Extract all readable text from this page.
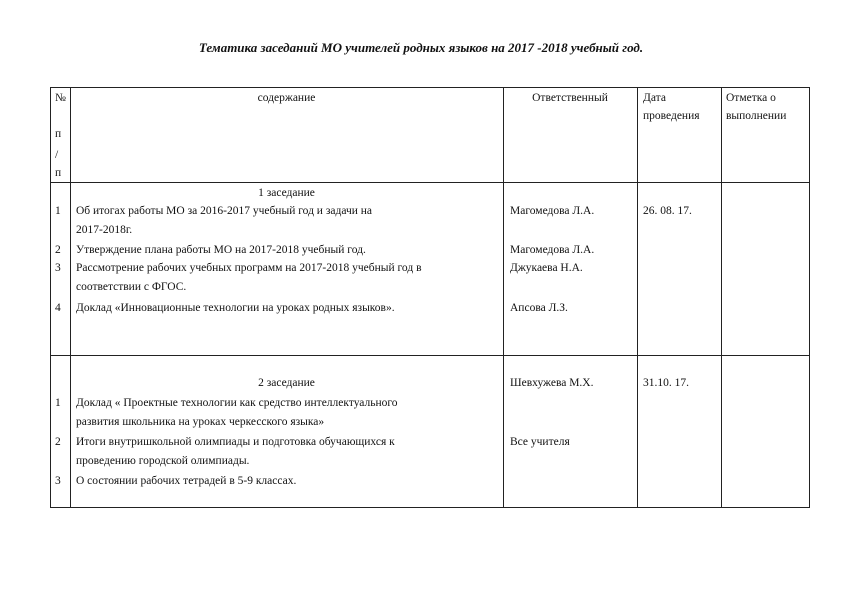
Тематика заседаний МО учителей родных языков на 2017 -2018 учебный год.
№
п
/
п
содержание	Ответственный	Дата
проведения
Отметка о
выполнении
1 заседание
1
2
3
4
Об итогах работы МО за 2016-2017 учебный год и задачи на
2017-2018г.
Утверждение плана работы МО на 2017-2018 учебный год.
Рассмотрение рабочих учебных программ на 2017-2018 учебный год в
соответствии с ФГОС.
Доклад «Инновационные технологии на уроках родных языков».
Магомедова Л.А.
Магомедова Л.А.
Джукаева Н.А.
Апсова Л.З.
26. 08. 17.
2 заседание
1
2
3
Доклад « Проектные технологии как средство интеллектуального
развития школьника на уроках черкесского языка»
Итоги внутришкольной олимпиады и подготовка обучающихся к
проведению городской олимпиады.
О состоянии рабочих тетрадей в 5-9 классах.
Шевхужева М.Х.
Все учителя
31.10. 17.
